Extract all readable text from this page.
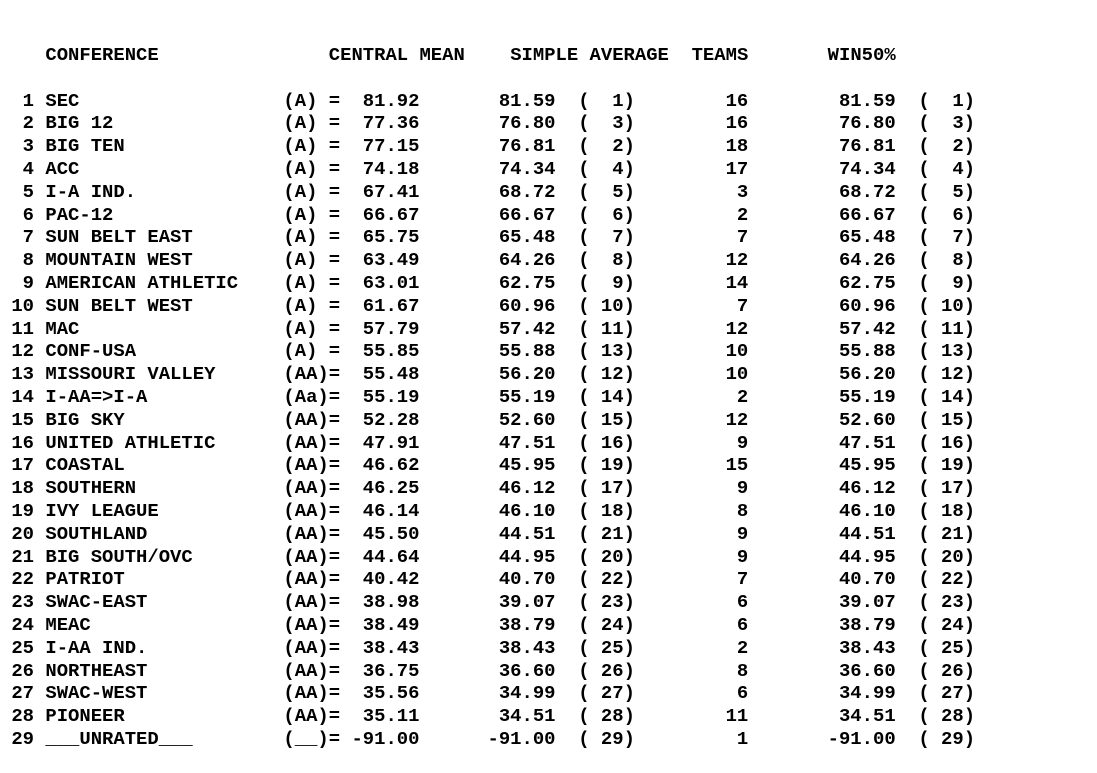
CONFERENCE	CENTRAL MEAN SIMPLE AVERAGE TEAMS	WIN50%

1 SEC                  (A) =  81.92       81.59  (  1)        16        81.59  (  1)
2 BIG 12               (A) =  77.36       76.80  (  3)        16        76.80  (  3)
3 BIG TEN              (A) =  77.15       76.81  (  2)        18        76.81  (  2)
4 ACC                  (A) =  74.18       74.34  (  4)        17        74.34  (  4)
5 I-A IND.             (A) =  67.41       68.72  (  5)         3        68.72  (  5)
6 PAC-12               (A) =  66.67       66.67  (  6)         2        66.67  (  6)
7 SUN BELT EAST        (A) =  65.75       65.48  (  7)         7        65.48  (  7)
8 MOUNTAIN WEST        (A) =  63.49       64.26  (  8)        12        64.26  (  8)
9 AMERICAN ATHLETIC    (A) =  63.01       62.75  (  9)        14        62.75  (  9)
10 SUN BELT WEST        (A) =  61.67       60.96  ( 10)         7        60.96  ( 10)
11 MAC                  (A) =  57.79       57.42  ( 11)        12        57.42  ( 11)
12 CONF-USA             (A) =  55.85       55.88  ( 13)        10        55.88  ( 13)
13 MISSOURI VALLEY      (AA)=  55.48       56.20  ( 12)        10        56.20  ( 12)
14 I-AA=>I-A            (Aa)=  55.19       55.19  ( 14)         2        55.19  ( 14)
15 BIG SKY              (AA)=  52.28       52.60  ( 15)        12        52.60  ( 15)
16 UNITED ATHLETIC      (AA)=  47.91       47.51  ( 16)         9        47.51  ( 16)
17 COASTAL              (AA)=  46.62       45.95  ( 19)        15        45.95  ( 19)
18 SOUTHERN             (AA)=  46.25       46.12  ( 17)         9        46.12  ( 17)
19 IVY LEAGUE           (AA)=  46.14       46.10  ( 18)         8        46.10  ( 18)
20 SOUTHLAND            (AA)=  45.50       44.51  ( 21)         9        44.51  ( 21)
21 BIG SOUTH/OVC        (AA)=  44.64       44.95  ( 20)         9        44.95  ( 20)
22 PATRIOT              (AA)=  40.42       40.70  ( 22)         7        40.70  ( 22)
23 SWAC-EAST            (AA)=  38.98       39.07  ( 23)         6        39.07  ( 23)
24 MEAC                 (AA)=  38.49       38.79  ( 24)         6        38.79  ( 24)
25 I-AA IND.            (AA)=  38.43       38.43  ( 25)         2        38.43  ( 25)
26 NORTHEAST            (AA)=  36.75       36.60  ( 26)         8        36.60  ( 26)
27 SWAC-WEST            (AA)=  35.56       34.99  ( 27)         6        34.99  ( 27)
28 PIONEER              (AA)=  35.11       34.51  ( 28)        11        34.51  ( 28)
29 ___UNRATED___        (__)= -91.00      -91.00  ( 29)         1       -91.00  ( 29)
